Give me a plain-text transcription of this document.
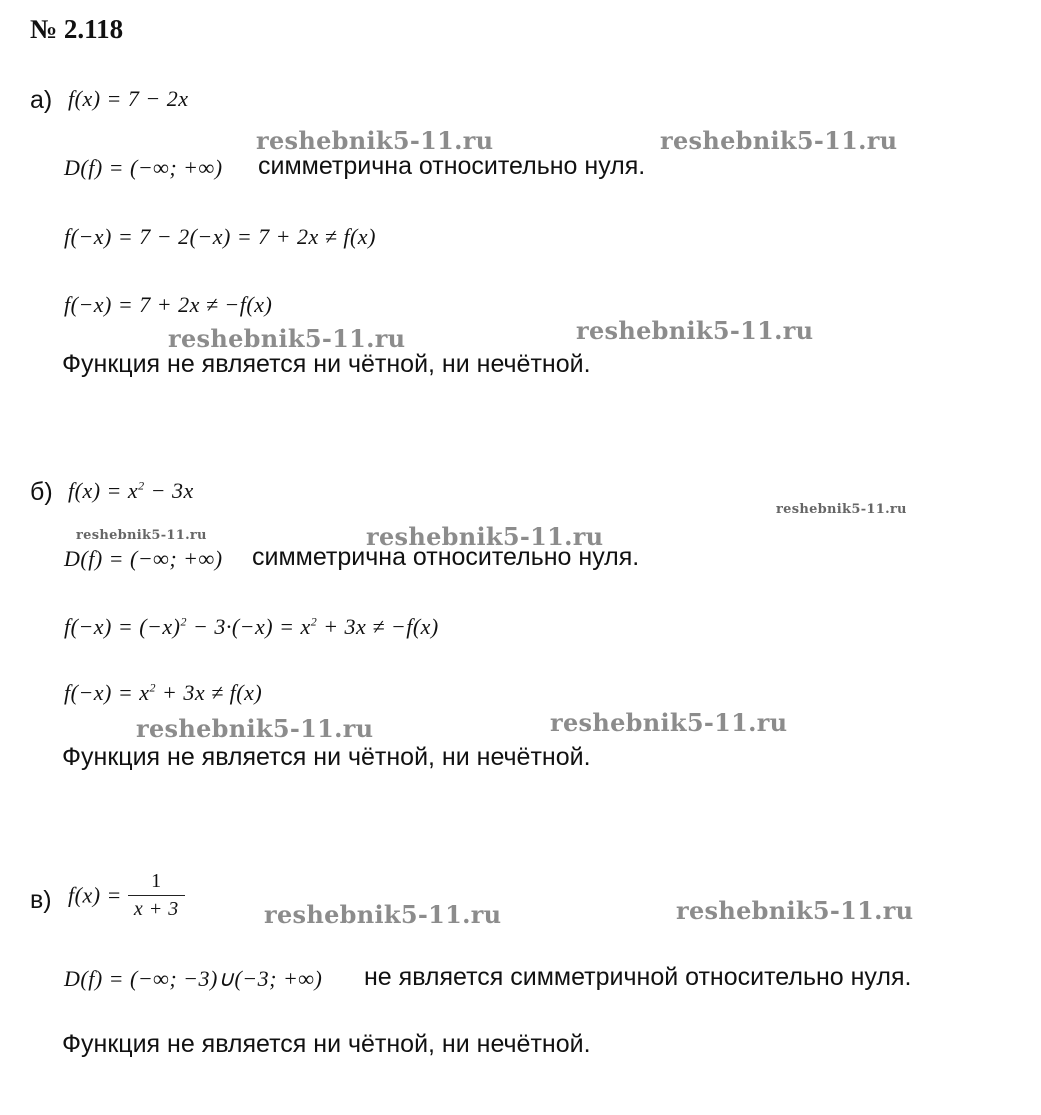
№ 2.118
а) f(x) = 7 − 2x
reshebnik5-11.ru	reshebnik5-11.ru
D(f) = (−∞; +∞) симметрична относительно нуля.
f(−x) = 7 − 2(−x) = 7 + 2x ≠ f(x)
f(−x) = 7 + 2x ≠ −f(x)
reshebnik5-11.ru	reshebnik5-11.ru
Функция не является ни чётной, ни нечётной.
б) $f(x) = x^2 - 3x$
reshebnik5-11.ru
reshebnik5-11.ru	reshebnik5-11.ru
D(f) = (−∞; +∞) симметрична относительно нуля.
$f(-x) = (-x)^2 - 3\cdot(-x) = x^2 + 3x \ne -f(x)$
$f(-x) = x^2 + 3x \ne f(x)$
reshebnik5-11.ru	reshebnik5-11.ru
Функция не является ни чётной, ни нечётной.
в) $f(x) = \frac{1}{x + 3}$	reshebnik5-11.ru	reshebnik5-11.ru
D(f) = (−∞; −3)∪(−3; +∞) не является симметричной относительно нуля.
Функция не является ни чётной, ни нечётной.
